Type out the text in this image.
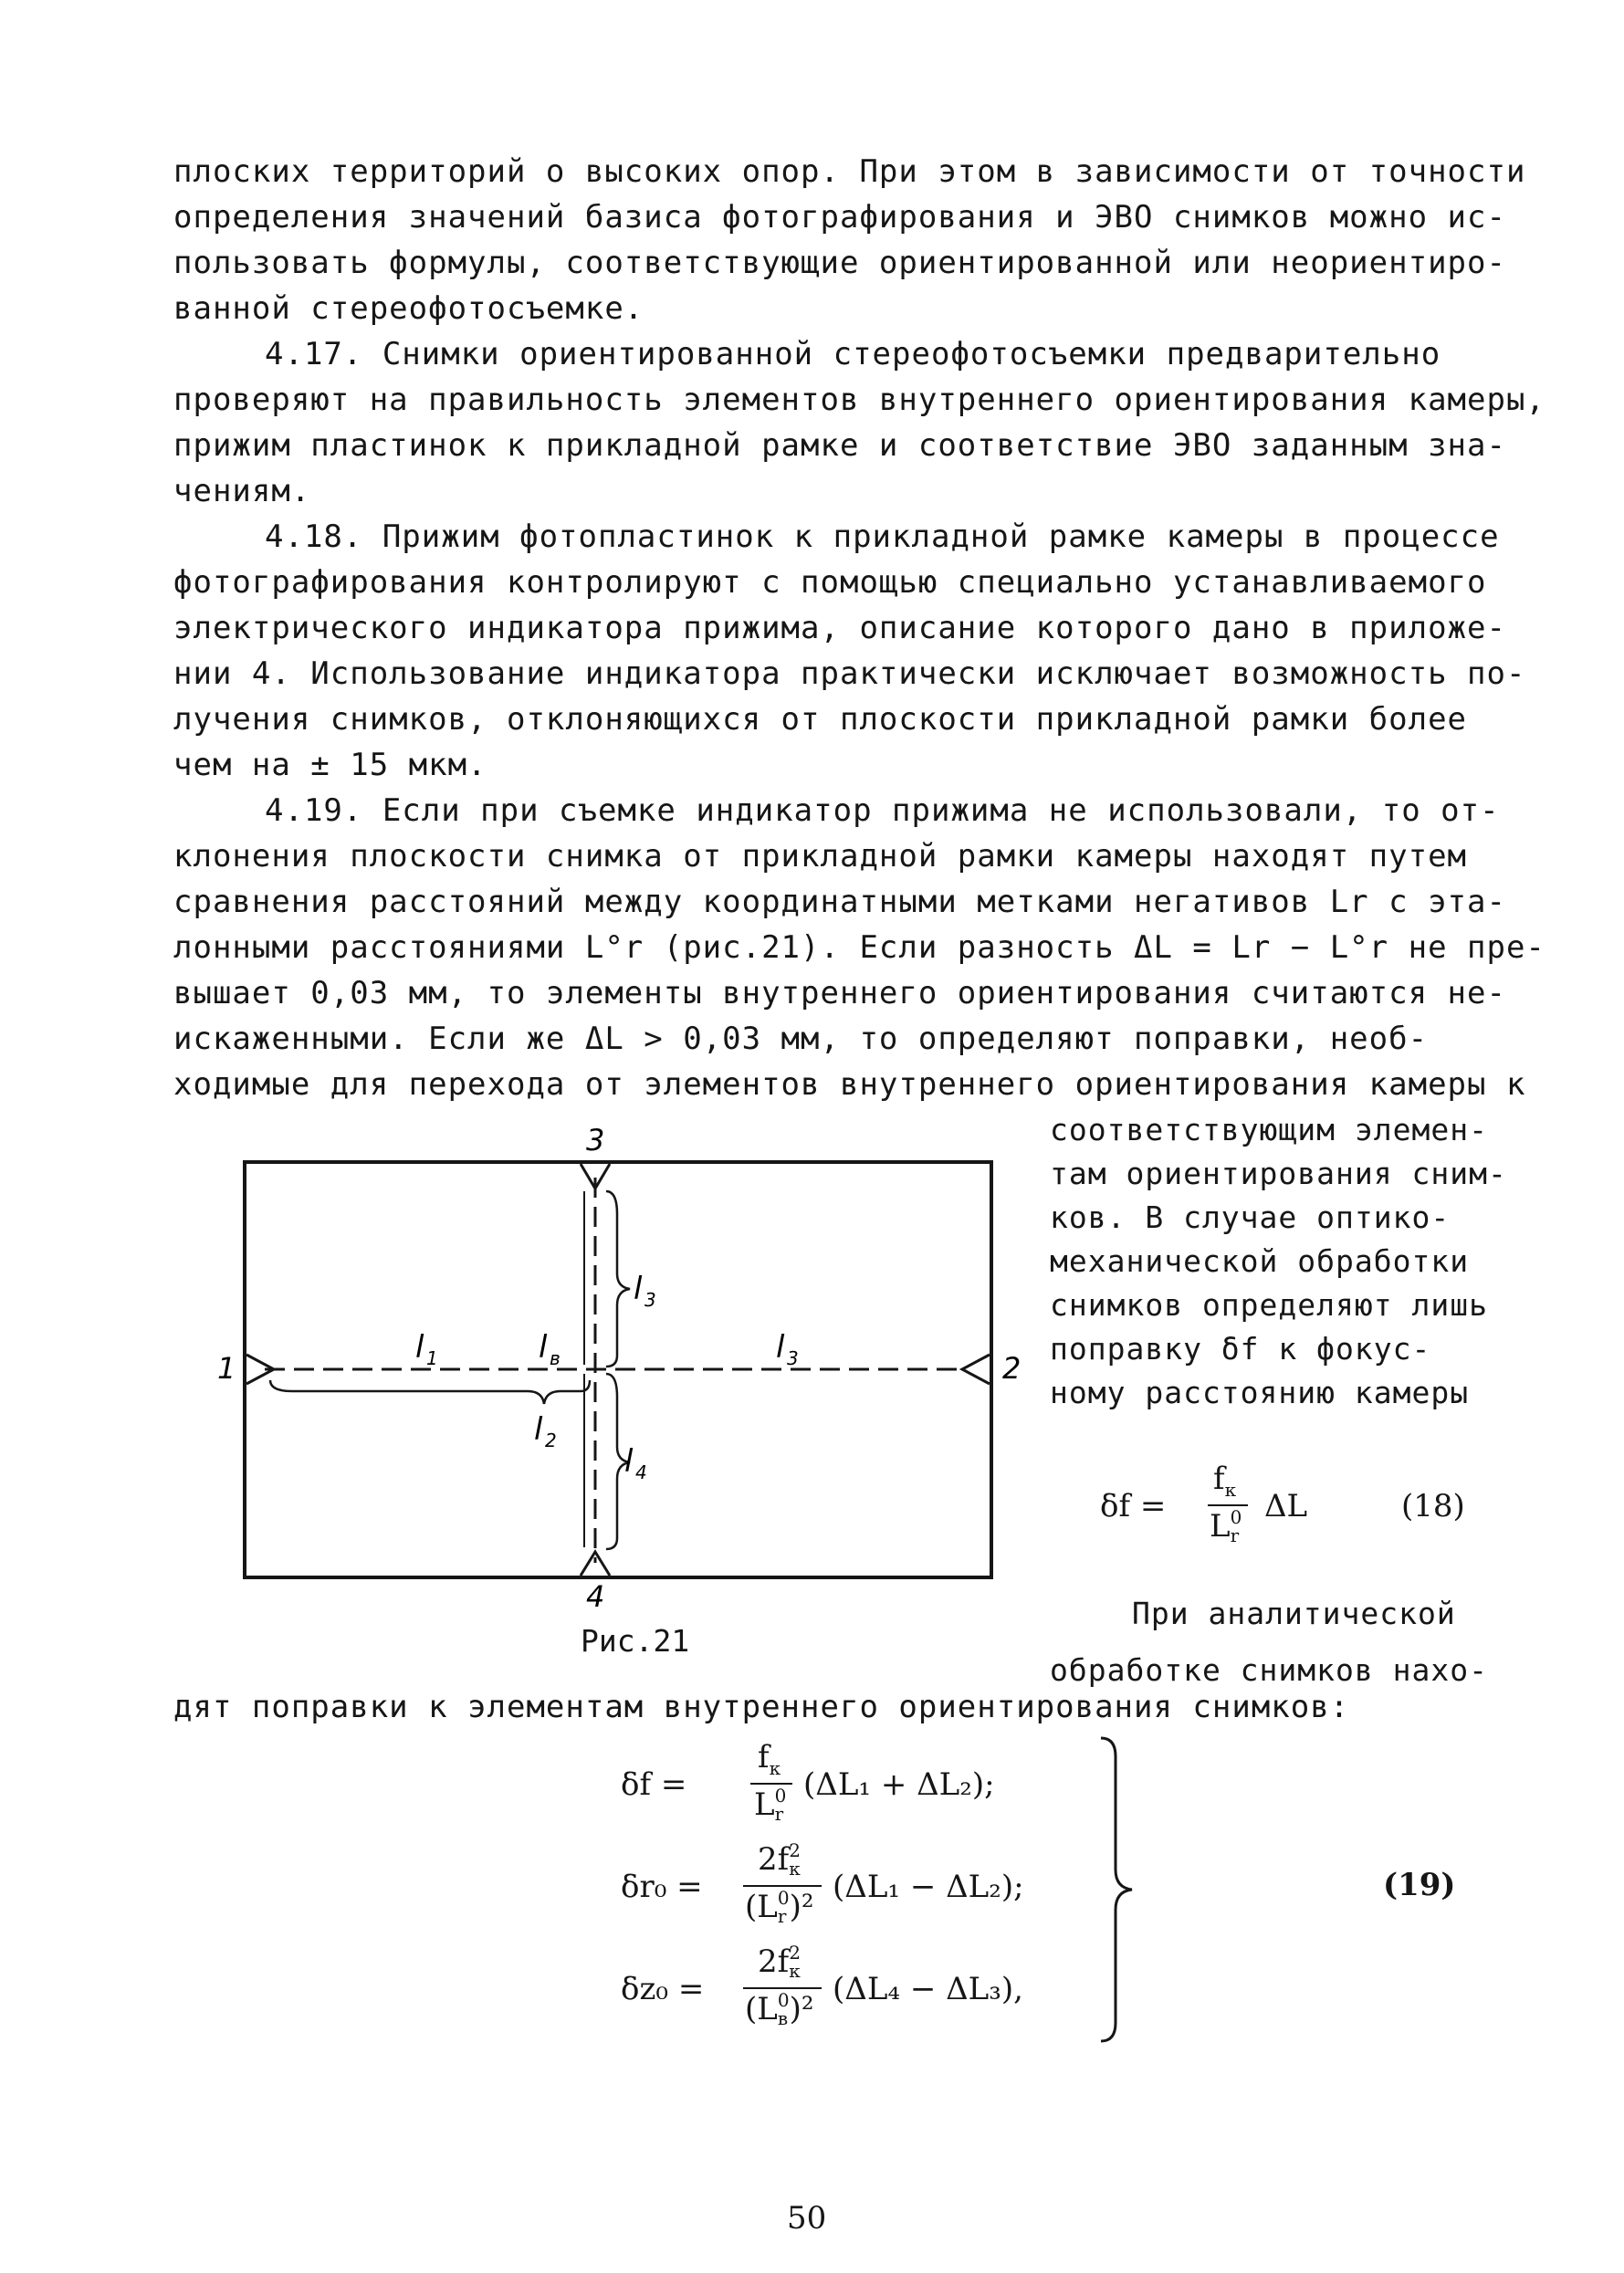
плоских территорий о высоких опор. При этом в зависимости от точности
определения значений базиса фотографирования и ЭВО снимков можно ис-
пользовать формулы, соответствующие ориентированной или неориентиро-
ванной стереофотосъемке.
4.17. Снимки ориентированной стереофотосъемки предварительно
проверяют на правильность элементов внутреннего ориентирования камеры,
прижим пластинок к прикладной рамке и соответствие ЭВО заданным зна-
чениям.
4.18. Прижим фотопластинок к прикладной рамке камеры в процессе
фотографирования контролируют с помощью специально устанавливаемого
электрического индикатора прижима, описание которого дано в приложе-
нии 4. Использование индикатора практически исключает возможность по-
лучения снимков, отклоняющихся от плоскости прикладной рамки более
чем на ± 15 мкм.
4.19. Если при съемке индикатор прижима не использовали, то от-
клонения плоскости снимка от прикладной рамки камеры находят путем
сравнения расстояний между координатными метками негативов Lr с эта-
лонными расстояниями L°r (рис.21). Если разность ΔL = Lr − L°r не пре-
вышает 0,03 мм, то элементы внутреннего ориентирования считаются не-
искаженными. Если же ΔL > 0,03 мм, то определяют поправки, необ-
ходимые для перехода от элементов внутреннего ориентирования камеры к
соответствующим элемен-
там ориентирования сним-
ков. В случае оптико-
механической обработки
снимков определяют лишь
поправку δf к фокус-
ному расстоянию камеры
1	2
3
4
l 1	l в
l 3
l 3
l 2
l 4
Рис.21
δf =
$f_к$
L 0
r
ΔL	(18)
При аналитической
обработке снимков нахо-
дят поправки к элементам внутреннего ориентирования снимков:
δf =
$f_к$
L 0
r
(ΔL₁ + ΔL₂);
δr₀ =
2f 2
к
(L 0
r )²
(ΔL₁ − ΔL₂);
δz₀ =
2f 2
к
(L 0
в )²
(ΔL₄ − ΔL₃),
(19)
50
